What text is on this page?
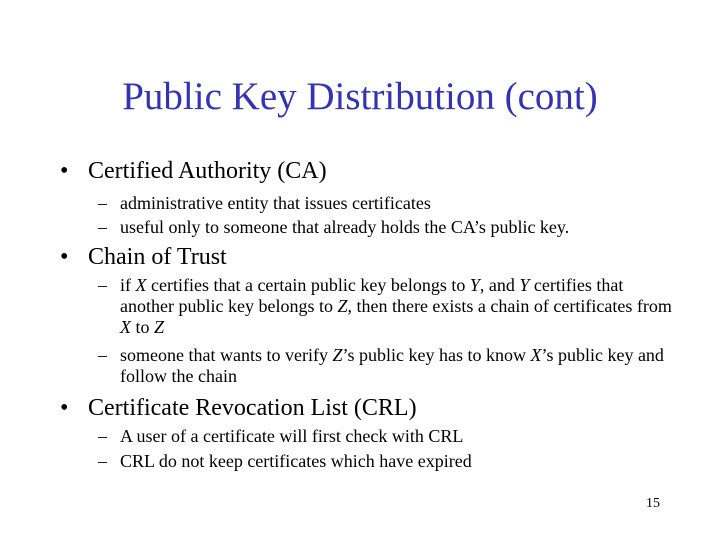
Public Key Distribution (cont)
• Certified Authority (CA)
– administrative entity that issues certificates
– useful only to someone that already holds the CA’s public key.
• Chain of Trust
– if X certifies that a certain public key belongs to Y, and Y certifies that another public key belongs to Z, then there exists a chain of certificates from X to Z
– someone that wants to verify Z’s public key has to know X’s public key and follow the chain
• Certificate Revocation List (CRL)
– A user of a certificate will first check with CRL
– CRL do not keep certificates which have expired
15
